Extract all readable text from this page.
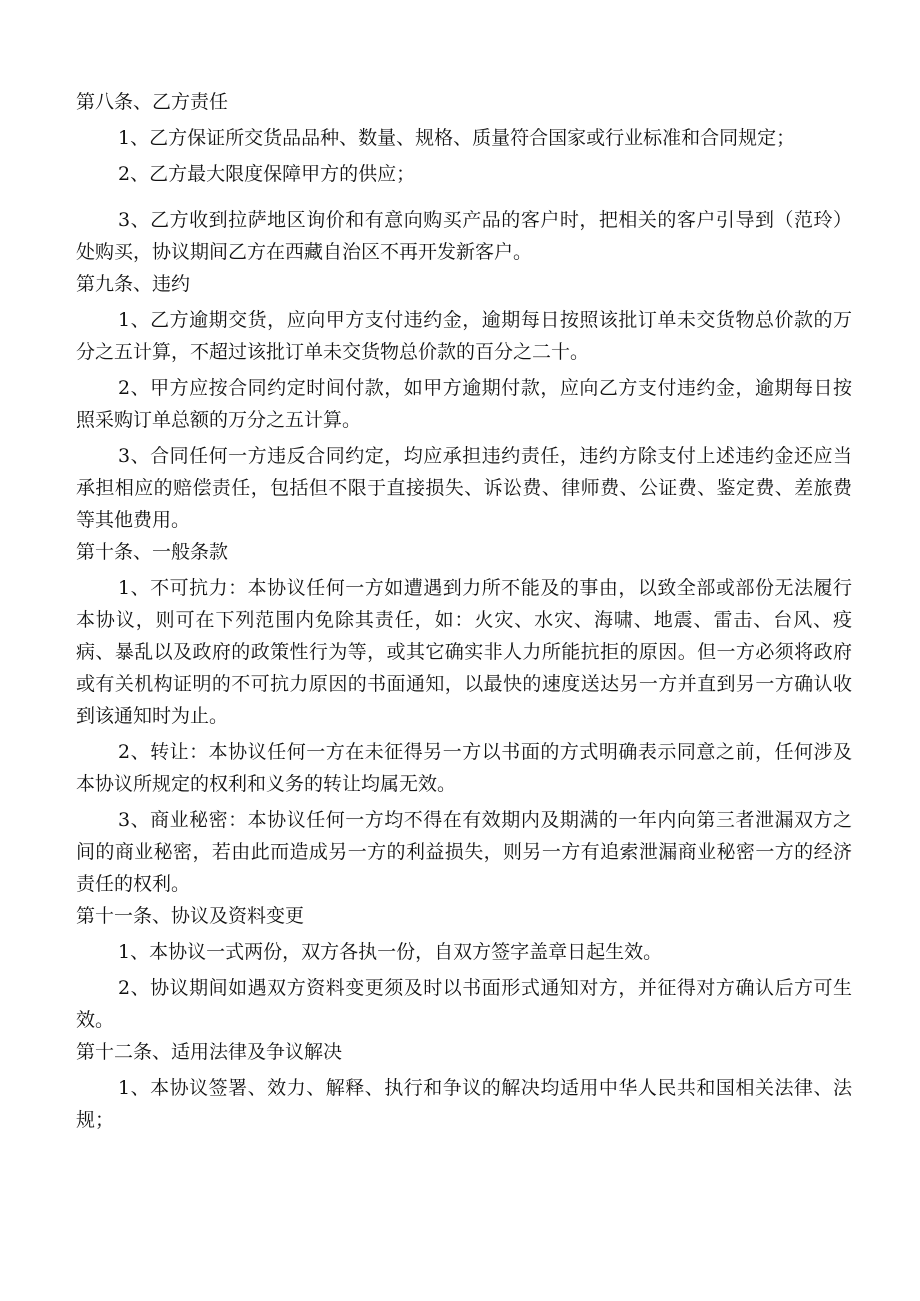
第八条、乙方责任

1、乙方保证所交货品品种、数量、规格、质量符合国家或行业标准和合同规定；

2、乙方最大限度保障甲方的供应；

3、乙方收到拉萨地区询价和有意向购买产品的客户时，把相关的客户引导到（范玲）处购买，协议期间乙方在西藏自治区不再开发新客户。

第九条、违约

1、乙方逾期交货，应向甲方支付违约金，逾期每日按照该批订单未交货物总价款的万分之五计算，不超过该批订单未交货物总价款的百分之二十。

2、甲方应按合同约定时间付款，如甲方逾期付款，应向乙方支付违约金，逾期每日按照采购订单总额的万分之五计算。

3、合同任何一方违反合同约定，均应承担违约责任，违约方除支付上述违约金还应当承担相应的赔偿责任，包括但不限于直接损失、诉讼费、律师费、公证费、鉴定费、差旅费等其他费用。

第十条、一般条款

1、不可抗力：本协议任何一方如遭遇到力所不能及的事由，以致全部或部份无法履行本协议，则可在下列范围内免除其责任，如：火灾、水灾、海啸、地震、雷击、台风、疫病、暴乱以及政府的政策性行为等，或其它确实非人力所能抗拒的原因。但一方必须将政府或有关机构证明的不可抗力原因的书面通知，以最快的速度送达另一方并直到另一方确认收到该通知时为止。

2、转让：本协议任何一方在未征得另一方以书面的方式明确表示同意之前，任何涉及本协议所规定的权利和义务的转让均属无效。

3、商业秘密：本协议任何一方均不得在有效期内及期满的一年内向第三者泄漏双方之间的商业秘密，若由此而造成另一方的利益损失，则另一方有追索泄漏商业秘密一方的经济责任的权利。

第十一条、协议及资料变更

1、本协议一式两份，双方各执一份，自双方签字盖章日起生效。

2、协议期间如遇双方资料变更须及时以书面形式通知对方，并征得对方确认后方可生效。

第十二条、适用法律及争议解决

1、本协议签署、效力、解释、执行和争议的解决均适用中华人民共和国相关法律、法规；
